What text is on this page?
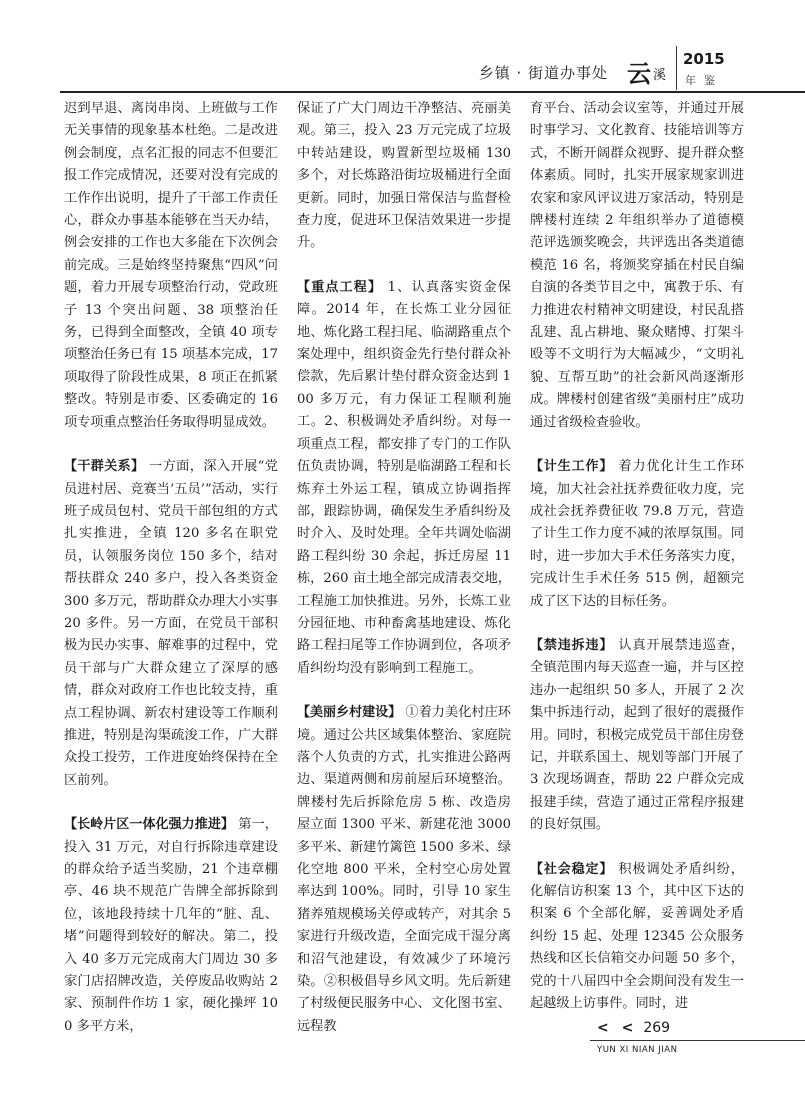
乡镇 · 街道办事处 云 溪
2015
年鉴

迟到早退、离岗串岗、上班做与工作无关事情的现象基本杜绝。二是改进例会制度，点名汇报的同志不但要汇报工作完成情况，还要对没有完成的工作作出说明，提升了干部工作责任心，群众办事基本能够在当天办结，例会安排的工作也大多能在下次例会前完成。三是始终坚持聚焦“四风”问题，着力开展专项整治行动，党政班子 13 个突出问题、38 项整治任务，已得到全面整改，全镇 40 项专项整治任务已有 15 项基本完成，17 项取得了阶段性成果，8 项正在抓紧整改。特别是市委、区委确定的 16 项专项重点整治任务取得明显成效。

【干群关系】 一方面，深入开展“党员进村居、竞赛当‘五员’”活动，实行班子成员包村、党员干部包组的方式扎实推进，全镇 120 多名在职党员，认领服务岗位 150 多个，结对帮扶群众 240 多户，投入各类资金 300 多万元，帮助群众办理大小实事 20 多件。另一方面，在党员干部积极为民办实事、解难事的过程中，党员干部与广大群众建立了深厚的感情，群众对政府工作也比较支持，重点工程协调、新农村建设等工作顺利推进，特别是沟渠疏浚工作，广大群众投工投劳，工作进度始终保持在全区前列。

【长岭片区一体化强力推进】 第一，投入 31 万元，对自行拆除违章建设的群众给予适当奖励，21 个违章棚亭、46 块不规范广告牌全部拆除到位，该地段持续十几年的“脏、乱、堵”问题得到较好的解决。第二，投入 40 多万元完成南大门周边 30 多家门店招牌改造，关停废品收购站 2 家、预制件作坊 1 家，硬化操坪 100 多平方米，

保证了广大门周边干净整洁、亮丽美观。第三，投入 23 万元完成了垃圾中转站建设，购置新型垃圾桶 130 多个，对长炼路沿街垃圾桶进行全面更新。同时，加强日常保洁与监督检查力度，促进环卫保洁效果进一步提升。

【重点工程】 1、认真落实资金保障。2014 年，在长炼工业分园征地、炼化路工程扫尾、临湖路重点个案处理中，组织资金先行垫付群众补偿款，先后累计垫付群众资金达到 100 多万元，有力保证工程顺利施工。2、积极调处矛盾纠纷。对每一项重点工程，都安排了专门的工作队伍负责协调，特别是临湖路工程和长炼弃土外运工程，镇成立协调指挥部，跟踪协调，确保发生矛盾纠纷及时介入、及时处理。全年共调处临湖路工程纠纷 30 余起，拆迁房屋 11 栋，260 亩土地全部完成清表交地，工程施工加快推进。另外，长炼工业分园征地、市种畜禽基地建设、炼化路工程扫尾等工作协调到位，各项矛盾纠纷均没有影响到工程施工。

【美丽乡村建设】 ①着力美化村庄环境。通过公共区域集体整治、家庭院落个人负责的方式，扎实推进公路两边、渠道两侧和房前屋后环境整治。牌楼村先后拆除危房 5 栋、改造房屋立面 1300 平米、新建花池 3000 多平米、新建竹篱笆 1500 多米、绿化空地 800 平米，全村空心房处置率达到 100%。同时，引导 10 家生猪养殖规模场关停或转产，对其余 5 家进行升级改造，全面完成干湿分离和沼气池建设，有效减少了环境污染。②积极倡导乡风文明。先后新建了村级便民服务中心、文化图书室、远程教

育平台、活动会议室等，并通过开展时事学习、文化教育、技能培训等方式，不断开阔群众视野、提升群众整体素质。同时，扎实开展家规家训进农家和家风评议进万家活动，特别是牌楼村连续 2 年组织举办了道德模范评选颁奖晚会，共评选出各类道德模范 16 名，将颁奖穿插在村民自编自演的各类节目之中，寓教于乐、有力推进农村精神文明建设，村民乱搭乱建、乱占耕地、聚众赌博、打架斗殴等不文明行为大幅减少，“文明礼貌、互帮互助”的社会新风尚逐渐形成。牌楼村创建省级“美丽村庄”成功通过省级检查验收。

【计生工作】 着力优化计生工作环境，加大社会社抚养费征收力度，完成社会抚养费征收 79.8 万元，营造了计生工作力度不减的浓厚氛围。同时，进一步加大手术任务落实力度，完成计生手术任务 515 例，超额完成了区下达的目标任务。

【禁违拆违】 认真开展禁违巡查，全镇范围内每天巡查一遍，并与区控违办一起组织 50 多人，开展了 2 次集中拆违行动，起到了很好的震摄作用。同时，积极完成党员干部住房登记，并联系国土、规划等部门开展了 3 次现场调查，帮助 22 户群众完成报建手续，营造了通过正常程序报建的良好氛围。

【社会稳定】 积极调处矛盾纠纷，化解信访积案 13 个，其中区下达的积案 6 个全部化解，妥善调处矛盾纠纷 15 起、处理 12345 公众服务热线和区长信箱交办问题 50 多个，党的十八届四中全会期间没有发生一起越级上访事件。同时，进

< < 269
YUN XI NIAN JIAN
